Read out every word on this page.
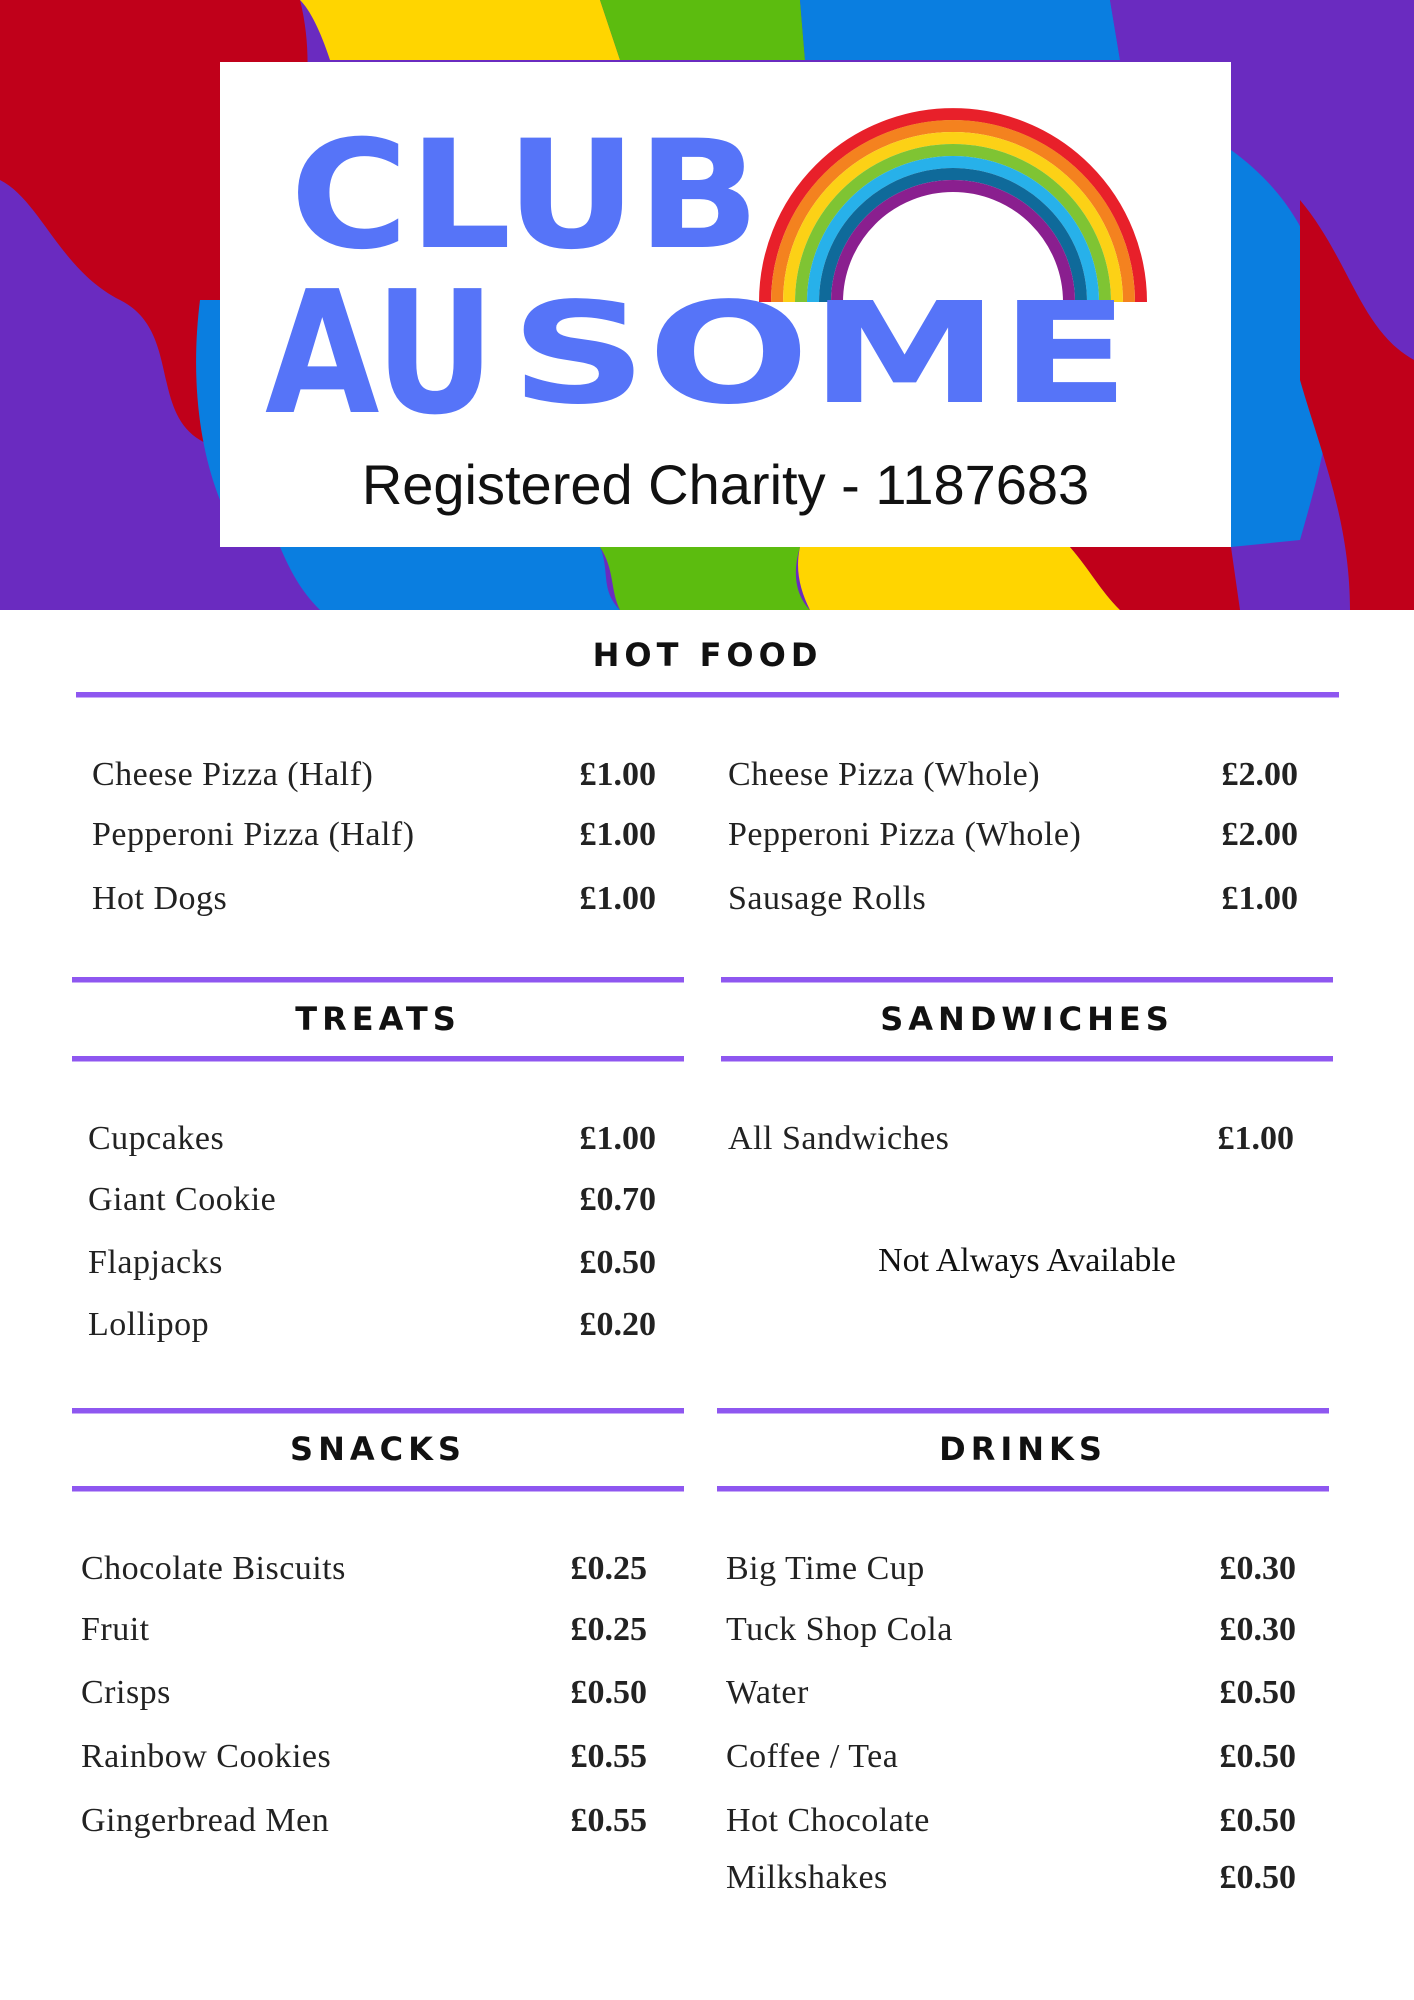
CLUB
AU SOME
Registered Charity - 1187683
HOT FOOD
Cheese Pizza (Half)	£1.00
Pepperoni Pizza (Half)	£1.00
Hot Dogs	£1.00
Cheese Pizza (Whole)	£2.00
Pepperoni Pizza (Whole)	£2.00
Sausage Rolls	£1.00
TREATS
Cupcakes	£1.00
Giant Cookie	£0.70
Flapjacks	£0.50
Lollipop	£0.20
SANDWICHES
All Sandwiches	£1.00
Not Always Available
SNACKS
Chocolate Biscuits	£0.25
Fruit	£0.25
Crisps	£0.50
Rainbow Cookies	£0.55
Gingerbread Men	£0.55
DRINKS
Big Time Cup	£0.30
Tuck Shop Cola	£0.30
Water	£0.50
Coffee / Tea	£0.50
Hot Chocolate	£0.50
Milkshakes	£0.50
